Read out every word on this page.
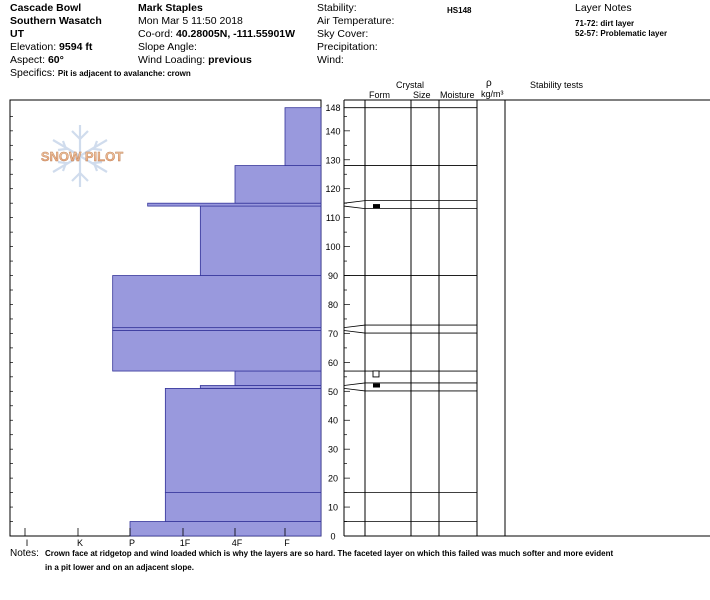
Cascade Bowl
Southern Wasatch
UT
Elevation: 9594 ft
Aspect: 60°
Specifics: Pit is adjacent to avalanche: crown
Mark Staples
Mon Mar 5 11:50 2018
Co-ord: 40.28005N, -111.55901W
Slope Angle:
Wind Loading: previous
Stability:	HS148
Air Temperature:
Sky Cover:
Precipitation:
Wind:
Layer Notes
71-72: dirt layer
52-57: Problematic layer
Crystal
Form	Size Moisture
ρ
kg/m³
Stability tests
SNOW PILOT
I	K	P	1F	4F	F
0
10
20
30
40
50
60
70
80
90
100
110
120
130
140
148
Notes: Crown face at ridgetop and wind loaded which is why the layers are so hard. The faceted layer on which this failed was much softer and more evident
in a pit lower and on an adjacent slope.
